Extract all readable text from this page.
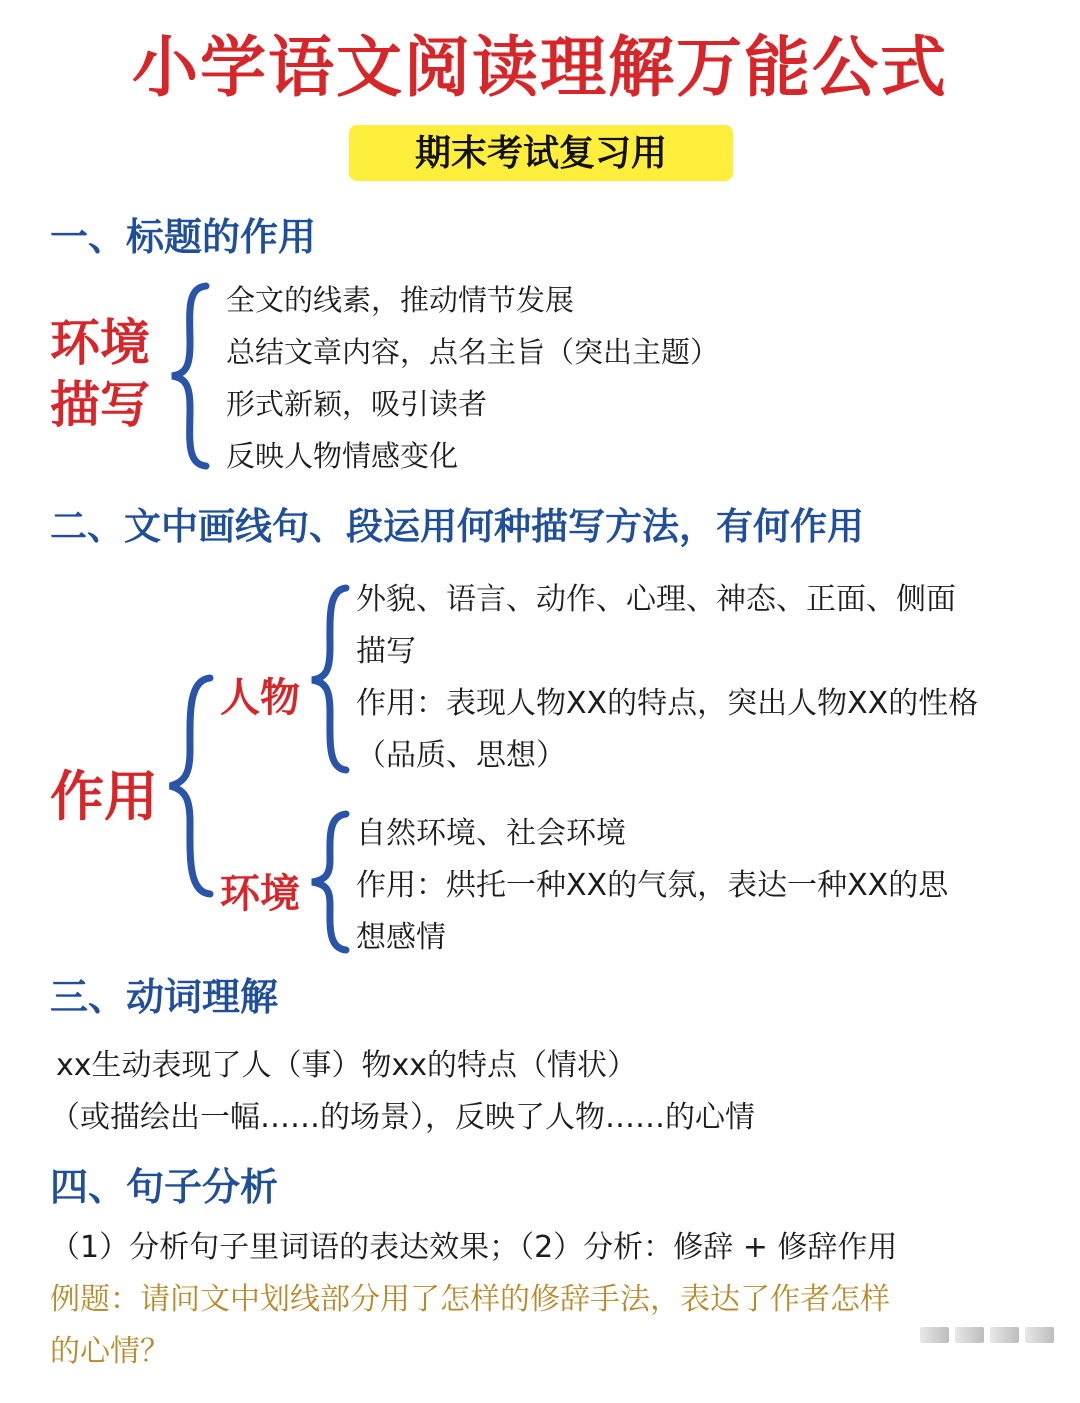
小学语文阅读理解万能公式
期末考试复习用
一、标题的作用
环境
描写
全文的线素，推动情节发展
总结文章内容，点名主旨（突出主题）
形式新颖，吸引读者
反映人物情感变化
二、文中画线句、段运用何种描写方法，有何作用
作用
人物
外貌、语言、动作、心理、神态、正面、侧面
描写
作用：表现人物XX的特点，突出人物XX的性格
（品质、思想）
环境
自然环境、社会环境
作用：烘托一种XX的气氛，表达一种XX的思
想感情
三、动词理解
xx生动表现了人（事）物xx的特点（情状）
（或描绘出一幅……的场景），反映了人物……的心情
四、句子分析
（1）分析句子里词语的表达效果；（2）分析：修辞 + 修辞作用
例题：请问文中划线部分用了怎样的修辞手法，表达了作者怎样
的心情？
